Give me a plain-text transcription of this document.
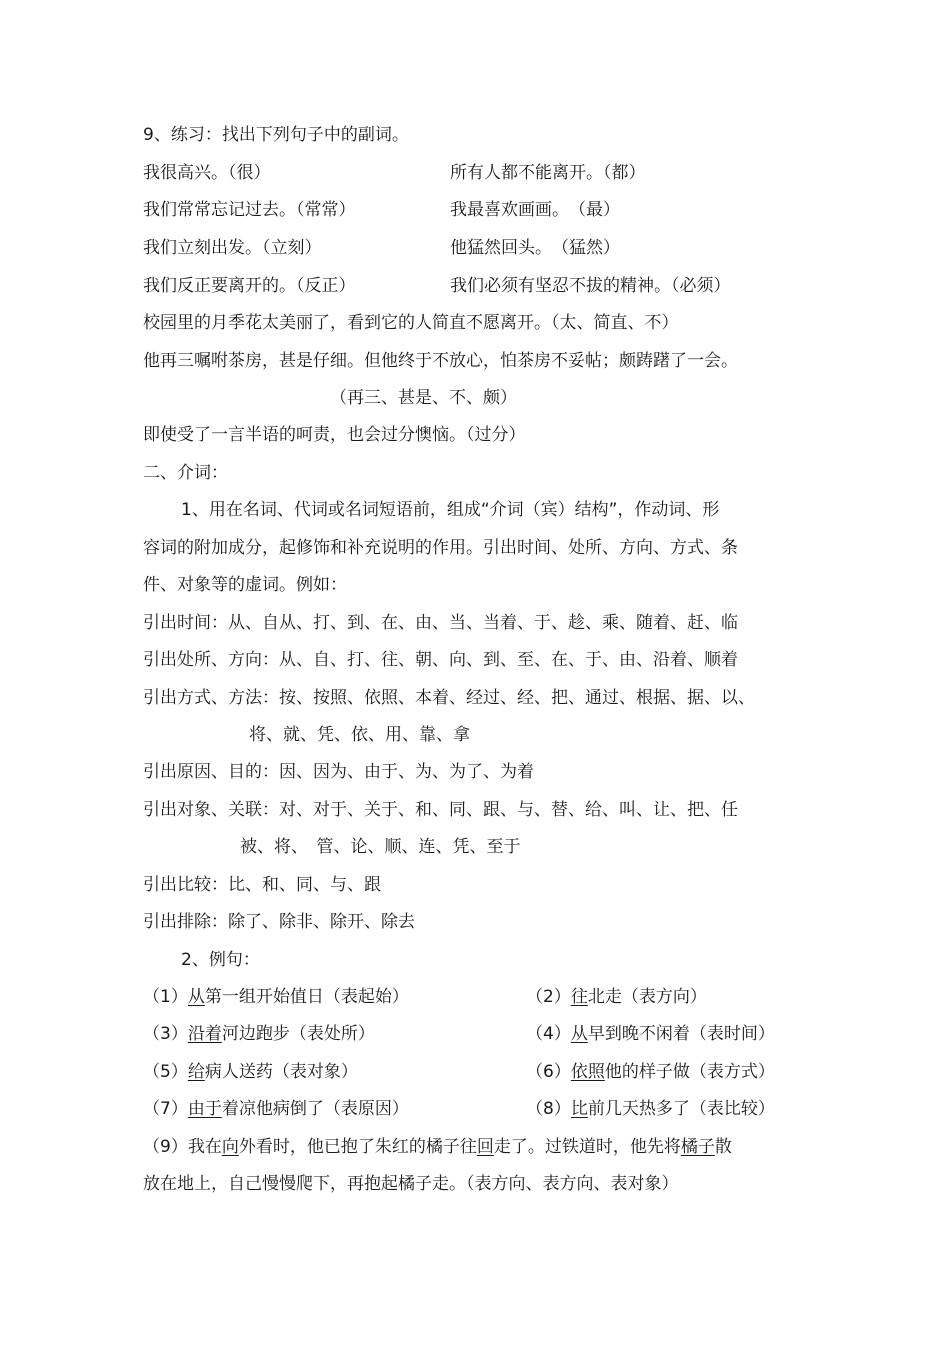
9、练习：找出下列句子中的副词。
我很高兴。（很）	所有人都不能离开。（都）
我们常常忘记过去。（常常）	我最喜欢画画。　（最）
我们立刻出发。（立刻）	他猛然回头。　（猛然）
我们反正要离开的。（反正）	我们必须有坚忍不拔的精神。（必须）
校园里的月季花太美丽了，看到它的人简直不愿离开。（太、简直、不）
他再三嘱咐茶房，甚是仔细。但他终于不放心，怕茶房不妥帖；颇踌躇了一会。
（再三、甚是、不、颇）
即使受了一言半语的呵责，也会过分懊恼。（过分）
二、介词：
1、用在名词、代词或名词短语前，组成“介词（宾）结构”，作动词、形
容词的附加成分，起修饰和补充说明的作用。引出时间、处所、方向、方式、条
件、对象等的虚词。例如：
引出时间：从、自从、打、到、在、由、当、当着、于、趁、乘、随着、赶、临
引出处所、方向：从、自、打、往、朝、向、到、至、在、于、由、沿着、顺着
引出方式、方法：按、按照、依照、本着、经过、经、把、通过、根据、据、以、
将、就、凭、依、用、靠、拿
引出原因、目的：因、因为、由于、为、为了、为着
引出对象、关联：对、对于、关于、和、同、跟、与、替、给、叫、让、把、任
被、将、　管、论、顺、连、凭、至于
引出比较：比、和、同、与、跟
引出排除：除了、除非、除开、除去
2、例句：
（1）从第一组开始值日（表起始）	（2）往北走（表方向）
（3）沿着河边跑步（表处所）	（4）从早到晚不闲着（表时间）
（5）给病人送药（表对象）	（6）依照他的样子做（表方式）
（7）由于着凉他病倒了（表原因）	（8）比前几天热多了（表比较）
（9）我在向外看时，他已抱了朱红的橘子往回走了。过铁道时，他先将橘子散
放在地上，自己慢慢爬下，再抱起橘子走。（表方向、表方向、表对象）
